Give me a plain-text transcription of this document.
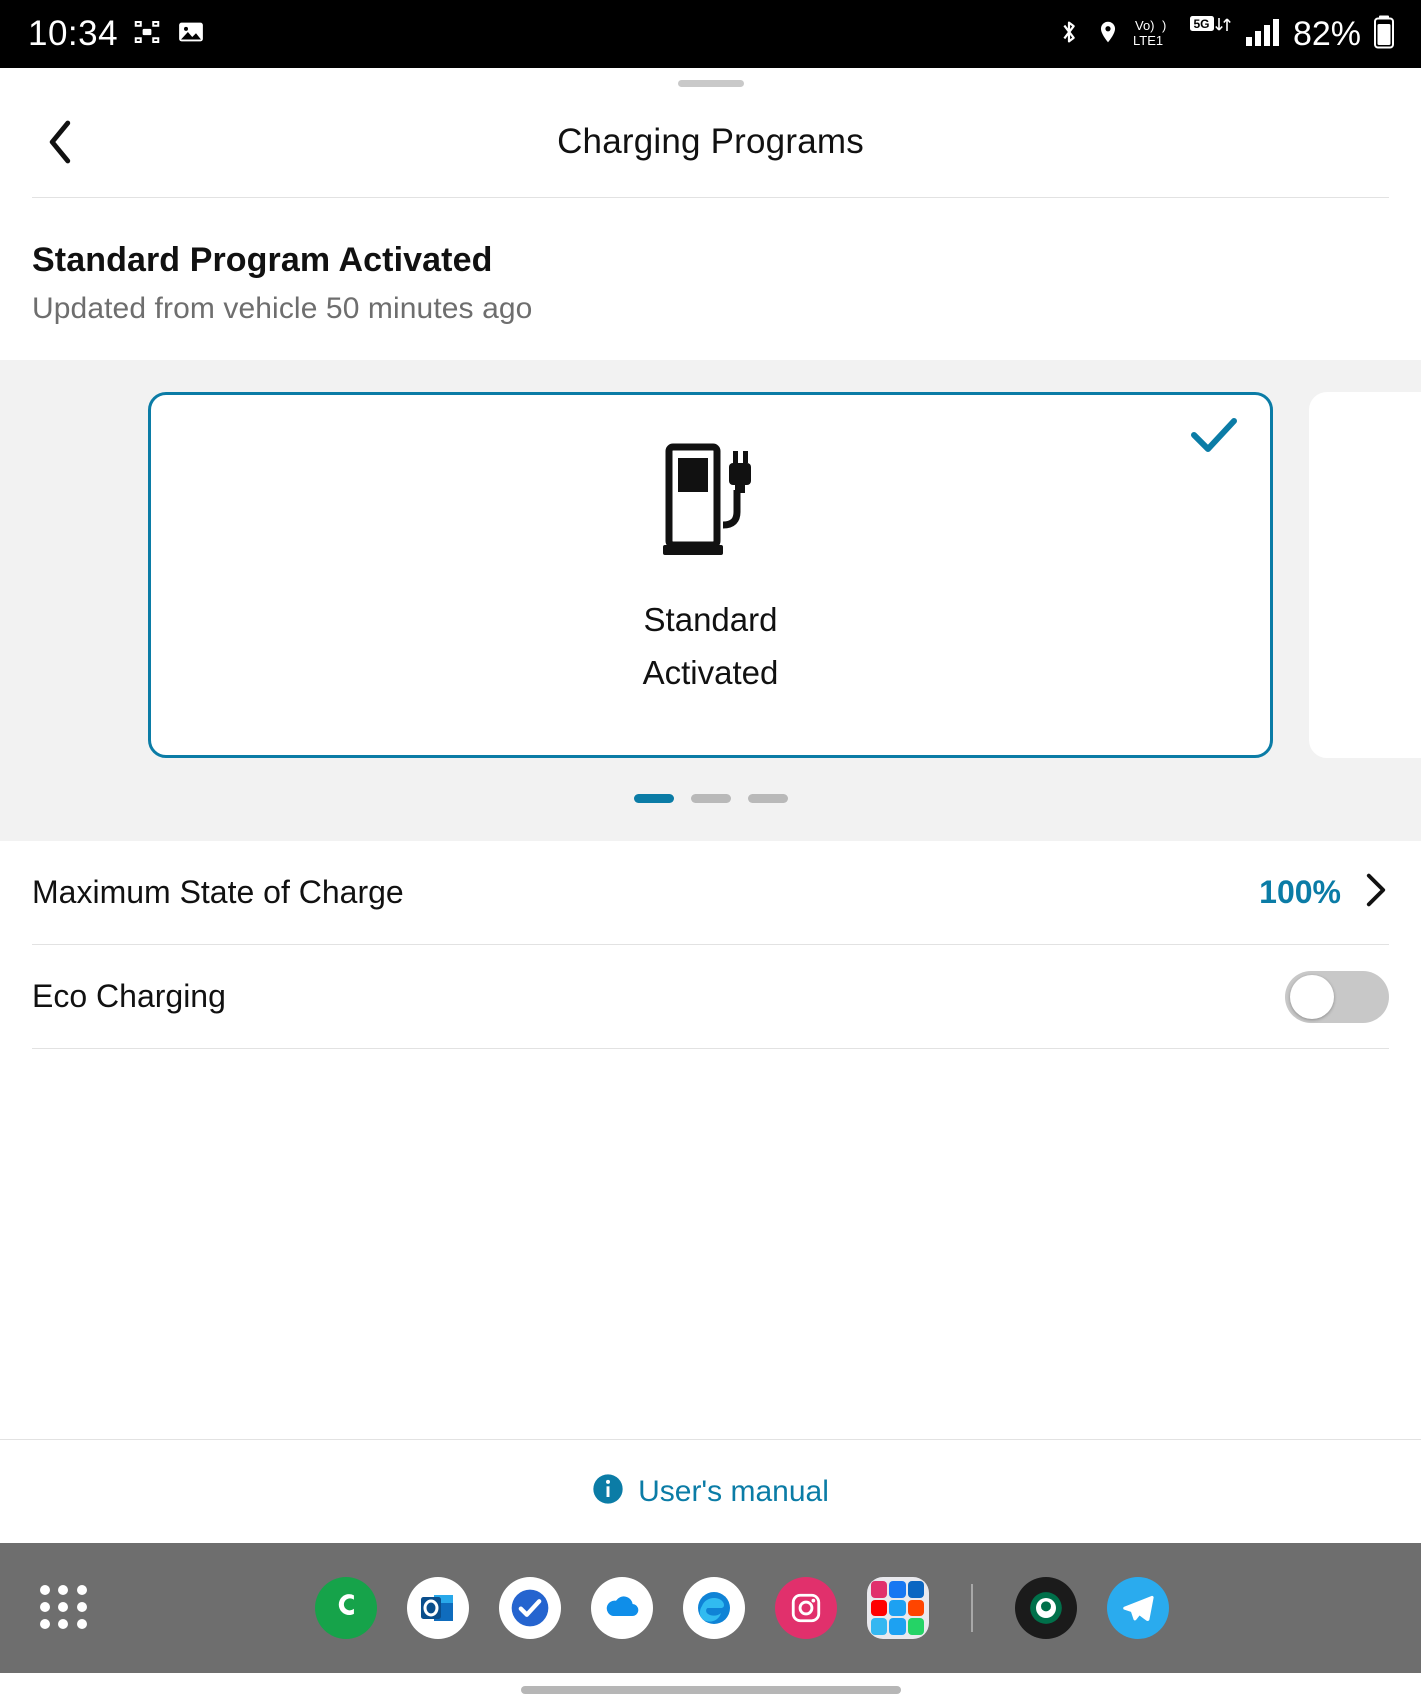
10:34	Vo) )
LTE1
5G 82%
Charging Programs
Standard Program Activated
Updated from vehicle 50 minutes ago
Standard
Activated
Maximum State of Charge	100%
Eco Charging
User's manual
